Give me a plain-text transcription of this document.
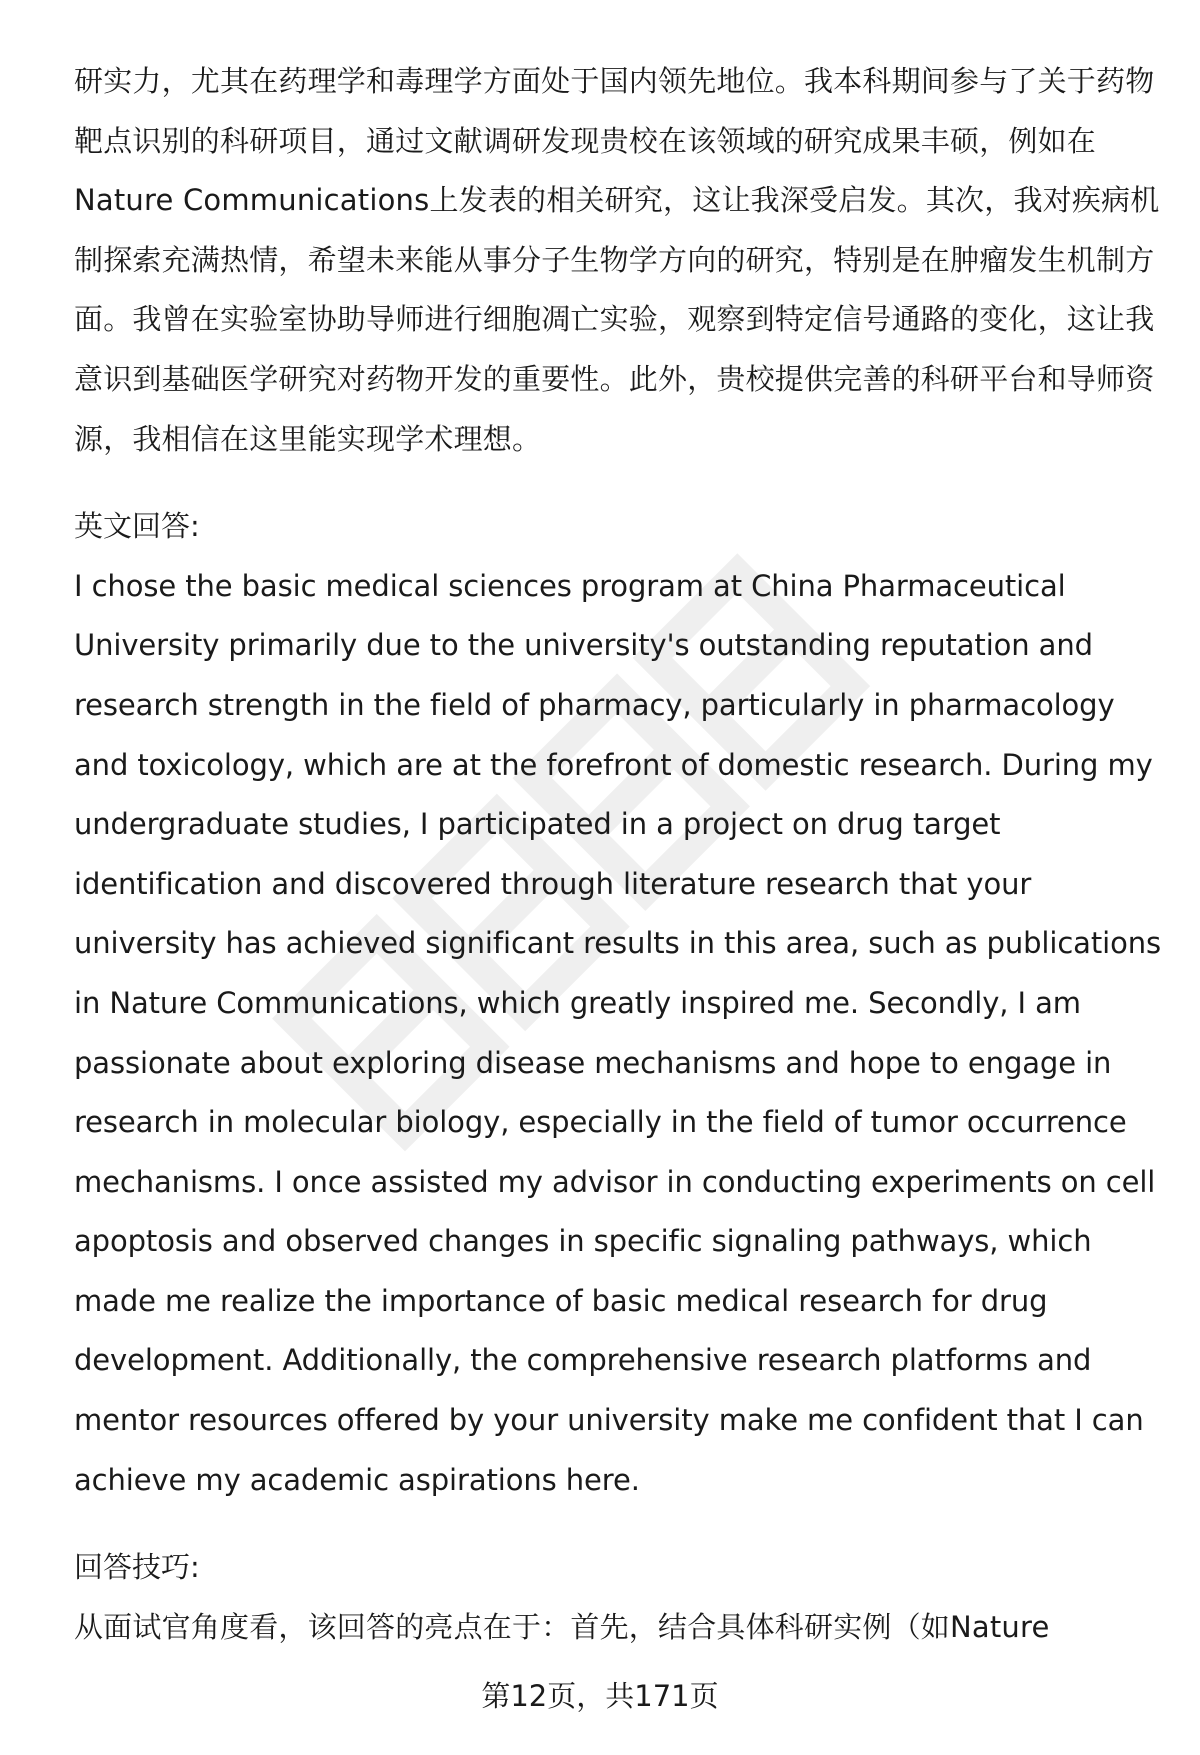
研实力，尤其在药理学和毒理学方面处于国内领先地位。我本科期间参与了关于药物靶点识别的科研项目，通过文献调研发现贵校在该领域的研究成果丰硕，例如在Nature Communications上发表的相关研究，这让我深受启发。其次，我对疾病机制探索充满热情，希望未来能从事分子生物学方向的研究，特别是在肿瘤发生机制方面。我曾在实验室协助导师进行细胞凋亡实验，观察到特定信号通路的变化，这让我意识到基础医学研究对药物开发的重要性。此外，贵校提供完善的科研平台和导师资源，我相信在这里能实现学术理想。

英文回答:

I chose the basic medical sciences program at China Pharmaceutical University primarily due to the university's outstanding reputation and research strength in the field of pharmacy, particularly in pharmacology and toxicology, which are at the forefront of domestic research. During my undergraduate studies, I participated in a project on drug target identification and discovered through literature research that your university has achieved significant results in this area, such as publications in Nature Communications, which greatly inspired me. Secondly, I am passionate about exploring disease mechanisms and hope to engage in research in molecular biology, especially in the field of tumor occurrence mechanisms. I once assisted my advisor in conducting experiments on cell apoptosis and observed changes in specific signaling pathways, which made me realize the importance of basic medical research for drug development. Additionally, the comprehensive research platforms and mentor resources offered by your university make me confident that I can achieve my academic aspirations here.

回答技巧:

从面试官角度看，该回答的亮点在于：首先，结合具体科研实例（如Nature

第12页，共171页
